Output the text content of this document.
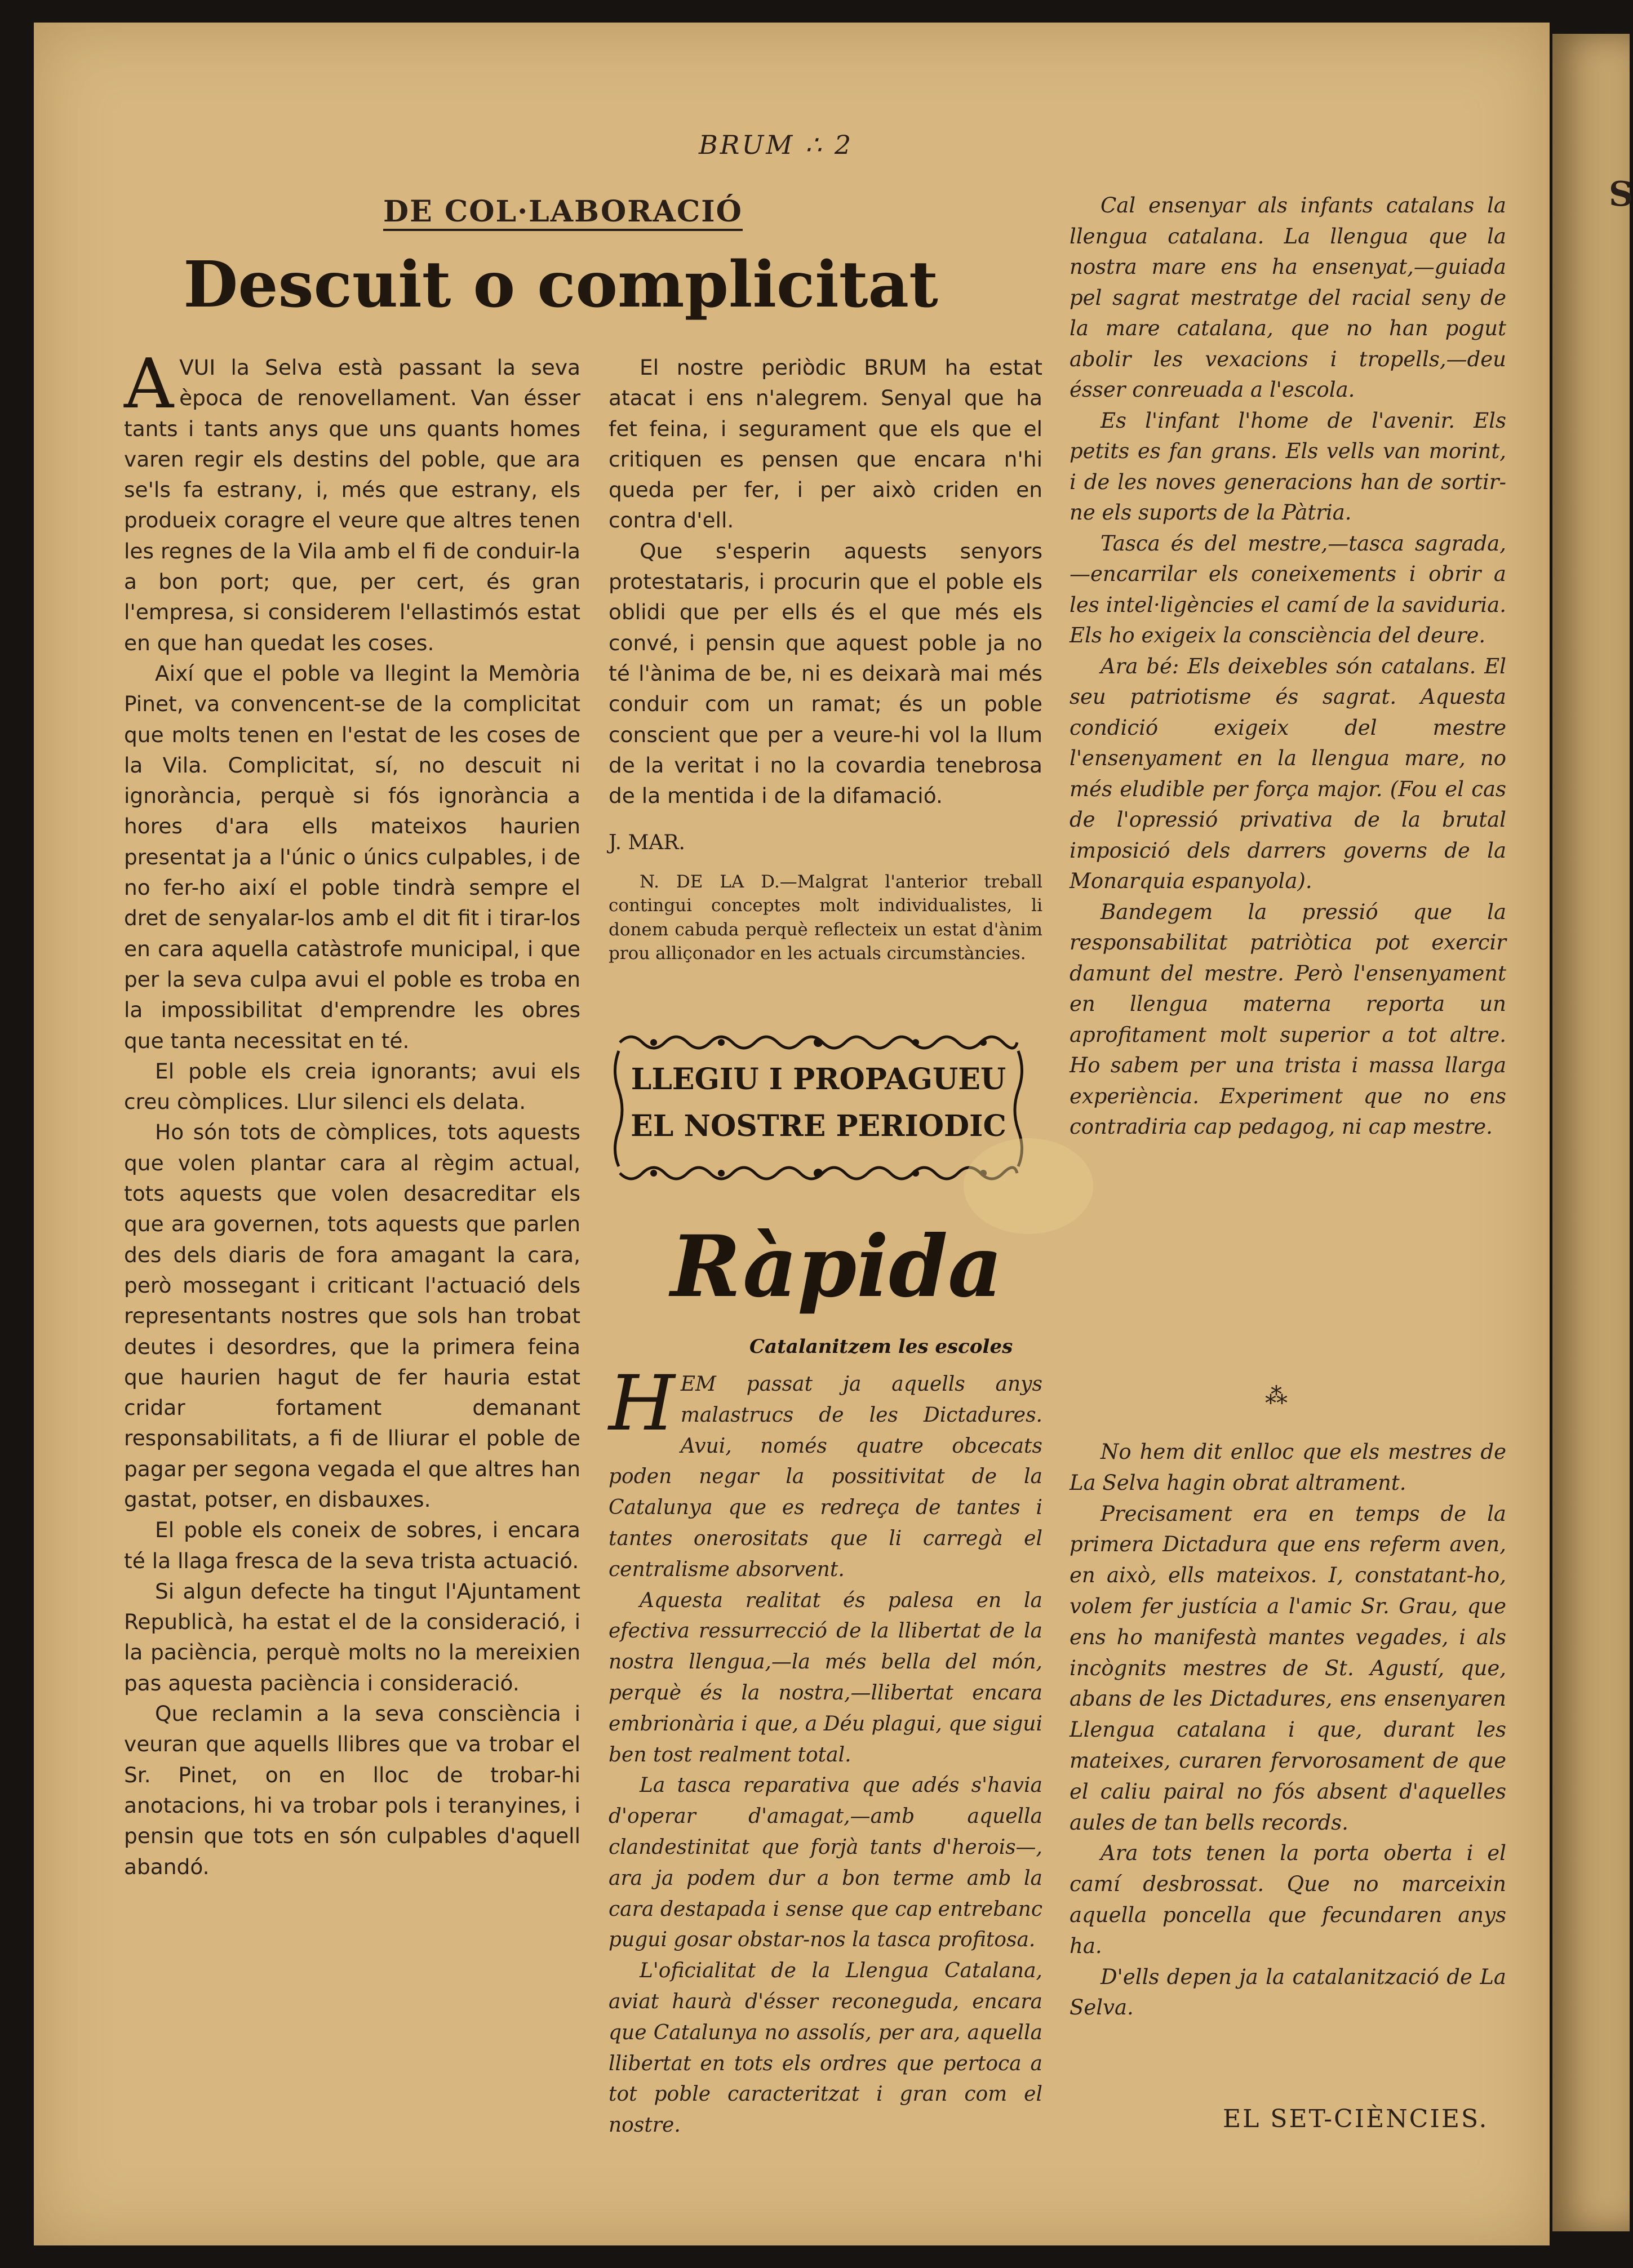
BRUM ∴ 2
DE COL·LABORACIÓ
Descuit o complicitat

AVUI la Selva està passant la seva època de renovellament. Van ésser tants i tants anys que uns quants homes varen regir els destins del poble, que ara se'ls fa estrany, i, més que estrany, els produeix coragre el veure que altres tenen les regnes de la Vila amb el fi de conduir-la a bon port; que, per cert, és gran l'empresa, si considerem l'ellastimós estat en que han quedat les coses.

Així que el poble va llegint la Memòria Pinet, va convencent-se de la complicitat que molts tenen en l'estat de les coses de la Vila. Complicitat, sí, no descuit ni ignorància, perquè si fós ignorància a hores d'ara ells mateixos haurien presentat ja a l'únic o únics culpables, i de no fer-ho així el poble tindrà sempre el dret de senyalar-los amb el dit fit i tirar-los en cara aquella catàstrofe municipal, i que per la seva culpa avui el poble es troba en la impossibilitat d'emprendre les obres que tanta necessitat en té.

El poble els creia ignorants; avui els creu còmplices. Llur silenci els delata.

Ho són tots de còmplices, tots aquests que volen plantar cara al règim actual, tots aquests que volen desacreditar els que ara governen, tots aquests que parlen des dels diaris de fora amagant la cara, però mossegant i criticant l'actuació dels representants nostres que sols han trobat deutes i desordres, que la primera feina que haurien hagut de fer hauria estat cridar fortament demanant responsabilitats, a fi de lliurar el poble de pagar per segona vegada el que altres han gastat, potser, en disbauxes.

El poble els coneix de sobres, i encara té la llaga fresca de la seva trista actuació.

Si algun defecte ha tingut l'Ajuntament Republicà, ha estat el de la consideració, i la paciència, perquè molts no la mereixien pas aquesta paciència i consideració.

Que reclamin a la seva consciència i veuran que aquells llibres que va trobar el Sr. Pinet, on en lloc de trobar-hi anotacions, hi va trobar pols i teranyines, i pensin que tots en són culpables d'aquell abandó.

El nostre periòdic BRUM ha estat atacat i ens n'alegrem. Senyal que ha fet feina, i segurament que els que el critiquen es pensen que encara n'hi queda per fer, i per això criden en contra d'ell.

Que s'esperin aquests senyors protestataris, i procurin que el poble els oblidi que per ells és el que més els convé, i pensin que aquest poble ja no té l'ànima de be, ni es deixarà mai més conduir com un ramat; és un poble conscient que per a veure-hi vol la llum de la veritat i no la covardia tenebrosa de la mentida i de la difamació.

J. MAR.

N. DE LA D.—Malgrat l'anterior treball contingui conceptes molt individualistes, li donem cabuda perquè reflecteix un estat d'ànim prou alliçonador en les actuals circumstàncies.

LLEGIU I PROPAGUEU
EL NOSTRE PERIODIC
Ràpida
Catalanitzem les escoles

HEM passat ja aquells anys malastrucs de les Dictadures. Avui, només quatre obcecats poden negar la possitivitat de la Catalunya que es redreça de tantes i tantes onerositats que li carregà el centralisme absorvent.

Aquesta realitat és palesa en la efectiva ressurrecció de la llibertat de la nostra llengua,—la més bella del món, perquè és la nostra,—llibertat encara embrionària i que, a Déu plagui, que sigui ben tost realment total.

La tasca reparativa que adés s'havia d'operar d'amagat,—amb aquella clandestinitat que forjà tants d'herois—, ara ja podem dur a bon terme amb la cara destapada i sense que cap entrebanc pugui gosar obstar-nos la tasca profitosa.

L'oficialitat de la Llengua Catalana, aviat haurà d'ésser reconeguda, encara que Catalunya no assolís, per ara, aquella llibertat en tots els ordres que pertoca a tot poble caracteritzat i gran com el nostre.

Cal ensenyar als infants catalans la llengua catalana. La llengua que la nostra mare ens ha ensenyat,—guiada pel sagrat mestratge del racial seny de la mare catalana, que no han pogut abolir les vexacions i tropells,—deu ésser conreuada a l'escola.

Es l'infant l'home de l'avenir. Els petits es fan grans. Els vells van morint, i de les noves generacions han de sortir-ne els suports de la Pàtria.

Tasca és del mestre,—tasca sagrada,—encarrilar els coneixements i obrir a les intel·ligències el camí de la saviduria. Els ho exigeix la consciència del deure.

Ara bé: Els deixebles són catalans. El seu patriotisme és sagrat. Aquesta condició exigeix del mestre l'ensenyament en la llengua mare, no més eludible per força major. (Fou el cas de l'opressió privativa de la brutal imposició dels darrers governs de la Monarquia espanyola).

Bandegem la pressió que la responsabilitat patriòtica pot exercir damunt del mestre. Però l'ensenyament en llengua materna reporta un aprofitament molt superior a tot altre. Ho sabem per una trista i massa llarga experiència. Experiment que no ens contradiria cap pedagog, ni cap mestre.

⁂

No hem dit enlloc que els mestres de La Selva hagin obrat altrament.

Precisament era en temps de la primera Dictadura que ens referm aven, en això, ells mateixos. I, constatant-ho, volem fer justícia a l'amic Sr. Grau, que ens ho manifestà mantes vegades, i als incògnits mestres de St. Agustí, que, abans de les Dictadures, ens ensenyaren Llengua catalana i que, durant les mateixes, curaren fervorosament de que el caliu pairal no fós absent d'aquelles aules de tan bells records.

Ara tots tenen la porta oberta i el camí desbrossat. Que no marceixin aquella poncella que fecundaren anys ha.

D'ells depen ja la catalanització de La Selva.

EL SET-CIÈNCIES.
S
